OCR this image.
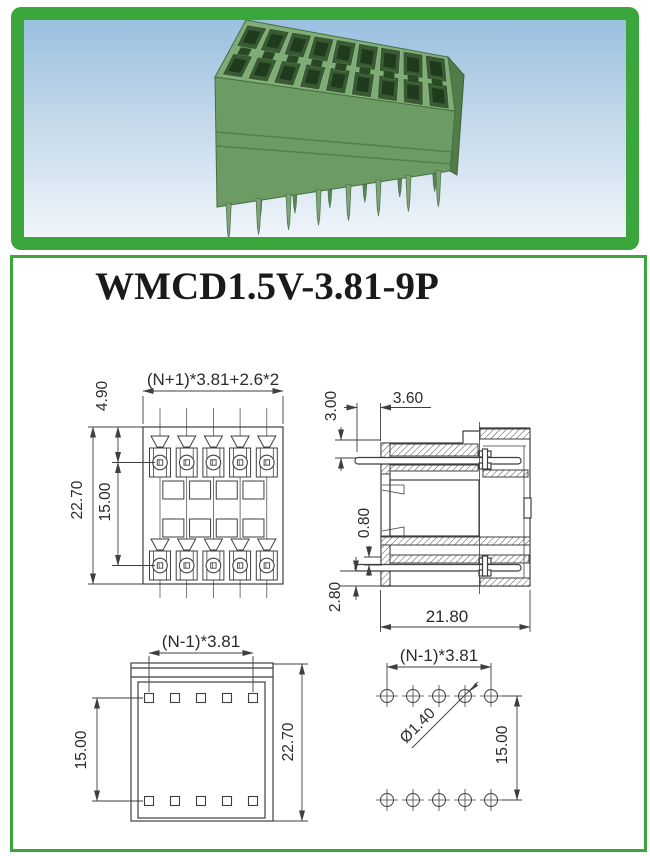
WMCD1.5V-3.81-9P
(N+1)*3.81+2.6*2
4.90
15.00
22.70
3.60
3.00
0.80
2.80
21.80
(N-1)*3.81
15.00	22.70
(N-1)*3.81
Ø1.40	15.00
